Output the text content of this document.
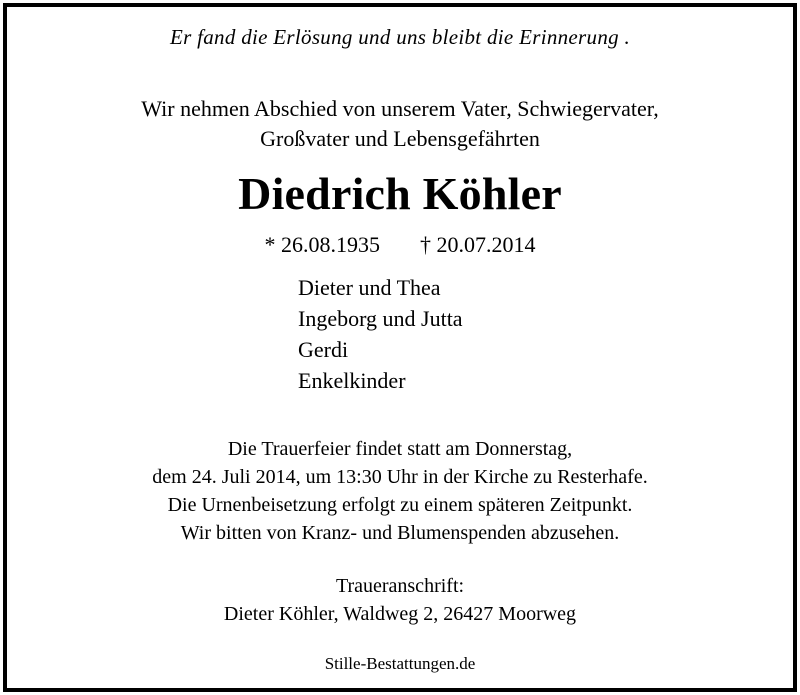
Er fand die Erlösung und uns bleibt die Erinnerung .
Wir nehmen Abschied von unserem Vater, Schwiegervater,
Großvater und Lebensgefährten
Diedrich Köhler
* 26.08.1935 † 20.07.2014
Dieter und Thea
Ingeborg und Jutta
Gerdi
Enkelkinder
Die Trauerfeier findet statt am Donnerstag,
dem 24. Juli 2014, um 13:30 Uhr in der Kirche zu Resterhafe.
Die Urnenbeisetzung erfolgt zu einem späteren Zeitpunkt.
Wir bitten von Kranz- und Blumenspenden abzusehen.
Traueranschrift:
Dieter Köhler, Waldweg 2, 26427 Moorweg
Stille-Bestattungen.de
